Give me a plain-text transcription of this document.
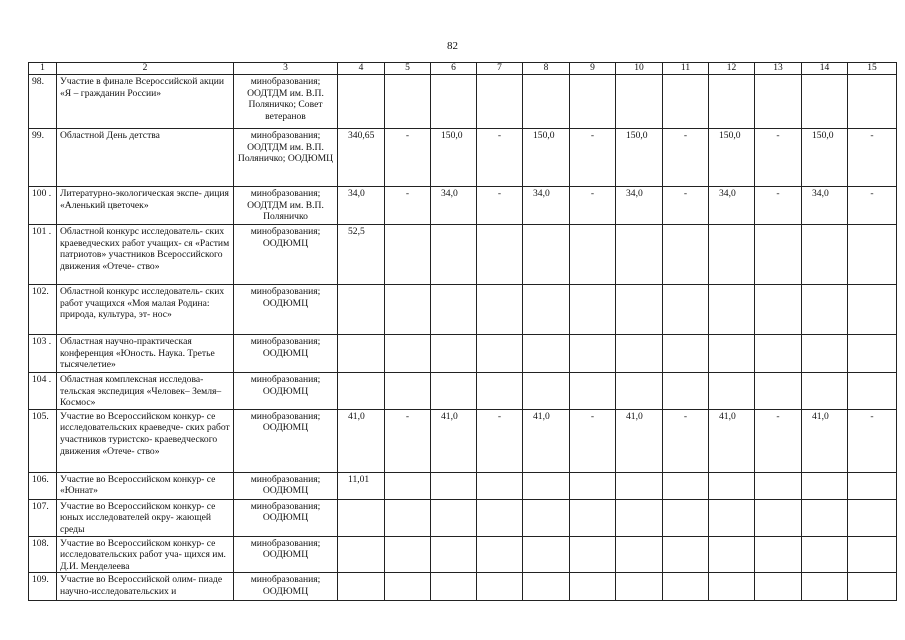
82
1	2	3	4	5	6	7	8	9	10	11	12	13	14	15
98.	Участие в финале Всероссийской акции «Я – гражданин России»	минобразования; ООДТДМ им. В.П. Поляничко; Совет ветеранов												
99.	Областной День детства	минобразования; ООДТДМ им. В.П. Поляничко; ООДЮМЦ	340,65	-	150,0	-	150,0	-	150,0	-	150,0	-	150,0	-
100 .	Литературно-экологическая экспе- диция «Аленький цветочек»	минобразования; ООДТДМ им. В.П. Поляничко	34,0	-	34,0	-	34,0	-	34,0	-	34,0	-	34,0	-
101 .	Областной конкурс исследователь- ских краеведческих работ учащих- ся «Растим патриотов» участников Всероссийского движения «Отече- ство»	минобразования; ООДЮМЦ	52,5											
102.	Областной конкурс исследователь- ских работ учащихся «Моя малая Родина: природа, культура, эт- нос»	минобразования; ООДЮМЦ												
103 .	Областная научно-практическая конференция «Юность. Наука. Третье тысячелетие»	минобразования; ООДЮМЦ												
104 .	Областная комплексная исследова- тельская экспедиция «Человек– Земля–Космос»	минобразования; ООДЮМЦ												
105.	Участие во Всероссийском конкур- се исследовательских краеведче- ских работ участников туристско- краеведческого движения «Отече- ство»	минобразования; ООДЮМЦ	41,0	-	41,0	-	41,0	-	41,0	-	41,0	-	41,0	-
106.	Участие во Всероссийском конкур- се «Юннат»	минобразования; ООДЮМЦ	11,01											
107.	Участие во Всероссийском конкур- се юных исследователей окру- жающей среды	минобразования; ООДЮМЦ												
108.	Участие во Всероссийском конкур- се исследовательских работ уча- щихся им. Д.И. Менделеева	минобразования; ООДЮМЦ												
109.	Участие во Всероссийской олим- пиаде научно-исследовательских и	минобразования; ООДЮМЦ												
